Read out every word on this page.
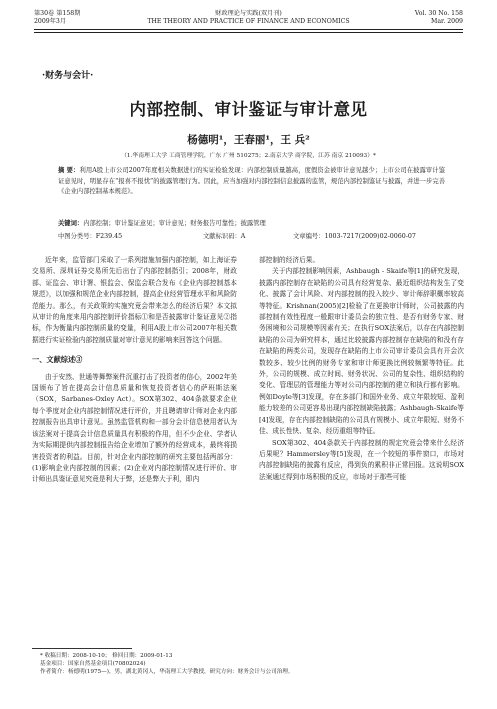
第30卷 第158期
2009年3月
财政理论与实践(双月刊)
THE THEORY AND PRACTICE OF FINANCE AND ECONOMICS
Vol. 30 No. 158
Mar. 2009
·财务与会计·
内部控制、审计鉴证与审计意见
杨德明¹，王春丽¹，王 兵²
（1.华南理工大学 工商管理学院，广东 广州 510275；2.南京大学 商学院，江苏 南京 210093）*
摘 要：利用A股上市公司2007年度相关数据进行的实证检验发现：内部控制质量越高，度假资金被审计意见越少；上市公司在披露审计鉴证意见时，明显存在“报喜不报忧”的披露管理行为。因此，应当加强对内部控制信息披露的监管，规范内部控制鉴证与披露，并进一步完善《企业内部控制基本规范》。
关键词：内部控制；审计鉴证意见；审计意见；财务报告可靠性；披露管理
中图分类号：F239.45	文献标识码：A	文章编号：1003-7217(2009)02-0060-07

近年来，监管部门采取了一系列措施加强内部控制，如上海证券交易所、深圳证券交易所先后出台了内部控制指引；2008年，财政部、证监会、审计署、银监会、保监会联合发布《企业内部控制基本规范》，以加强和规范企业内部控制，提高企业经营管理水平和风险防范能力。那么，有关政策的实施究竟会带来怎么的经济后果？本文拟从审计的角度来用内部控制评价指标①和是否披露审计鉴证意见②指标，作为衡量内部控制质量的变量，利用A股上市公司2007年相关数据进行实证检验内部控制质量对审计意见的影响来回答这个问题。

一、文献综述③

由于安然、世通等舞弊案件沉重打击了投资者的信心，2002年美国颁布了旨在提高会计信息质量和恢复投资者信心的萨班斯法案（SOX，Sarbanes-Oxley Act）。SOX第302、404条款要求企业每个季度对企业内部控制情况进行评价，并且聘请审计师对企业内部控制报告出具审计意见。虽然监管机构和一部分会计信息使用者认为该法案对于提高会计信息质量具有积极的作用，但不少企业、学者认为实际期提供内部控制报告给企业增加了额外的经营成本，最终将损害投资者的利益。目前，针对企业内部控制的研究主要包括两部分：(1)影响企业内部控制的因素；(2)企业对内部控制情况进行评价、审计师出具鉴证意见究竟是利大于弊，还是弊大于利，即内

部控制的经济后果。

关于内部控制影响因素，Ashbaugh - Skaife等[1]的研究发现，披露内部控制存在缺陷的公司具有经营复杂、最近组织结构发生了变化、披露了会计风险、对内部控制的投入较少、审计师辞职概率较高等特征。Krishnan(2005)[2]检验了在更换审计师时，公司披露的内部控制有效性程度一般跟审计委员会的独立性、是否有财务专家、财务困境和公司规模等因素有关；在执行SOX法案后，以存在内部控制缺陷的公司为研究样本，通过比较披露内部控制存在缺陷的和没有存在缺陷的两类公司，发现存在缺陷的上市公司审计委员会具有开会次数较多、较少比例的财务专家和审计师更换比例较频繁等特征。此外，公司的规模、成立时间、财务状况、公司的复杂性、组织结构的变化、管理层的管理能力等对公司内部控制的建立和执行都有影响。例如Doyle等[3]发现，存在多部门和国外业务、成立年限较短、盈利能力较差的公司更容易出现内部控制缺陷披露；Ashbaugh-Skaife等[4]发现，存在内部控制缺陷的公司具有规模小、成立年限短、财务不佳、成长性快、复杂、经历重组等特征。

SOX第302、404条款关于内部控制的规定究竟会带来什么经济后果呢？Hammersley等[5]发现，在一个较短的事件窗口，市场对内部控制缺陷的披露有反应，得到负的累积非正常回报。这说明SOX法案通过得到市场积极的反应，市场对于那些可能

* 收稿日期：2008-10-10； 修回日期：2009-01-13
基金项目：国家自然基金项目(70802024)
作者简介：杨德明(1975—)，男，湖北黄冈人，华南理工大学教授，研究方向：财务会计与公司治理。
